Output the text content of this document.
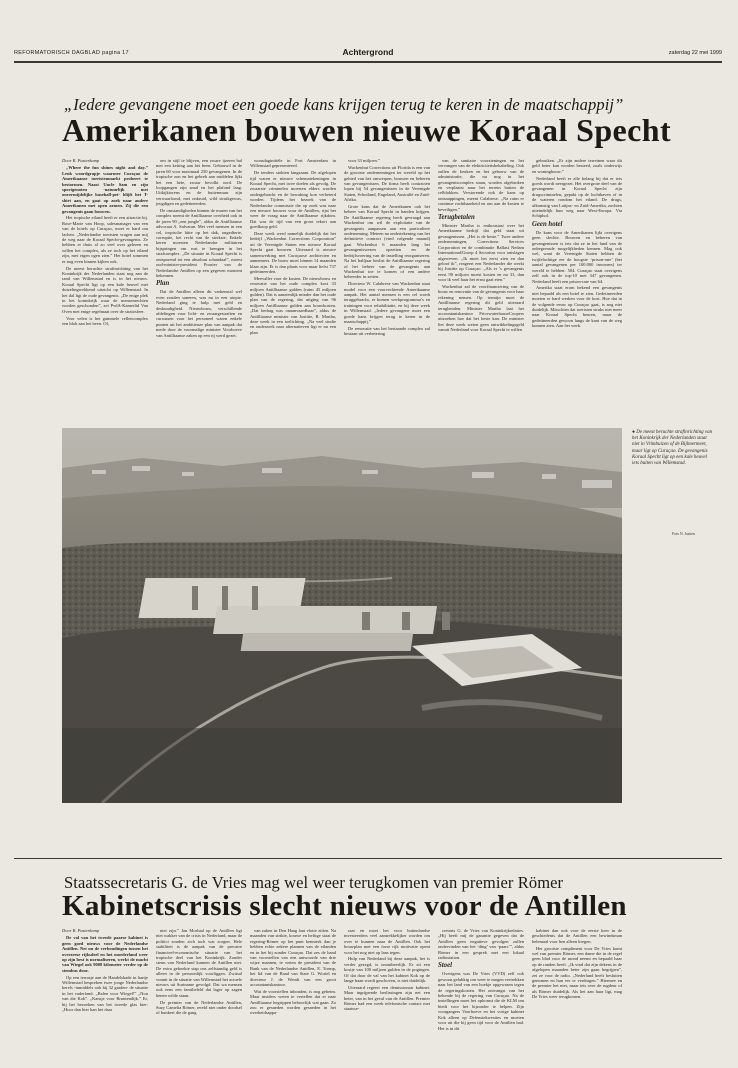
REFORMATORISCH DAGBLAD pagina 17	Achtergrond	zaterdag 22 mei 1999
„Iedere gevangene moet een goede kans krijgen terug te keren in de maatschappij”
Amerikanen bouwen nieuwe Koraal Specht

Door R. Pasterkamp

„Where the fun shines night and day.” Leuk woordgrapje waarmee Curaçao de Amerikaanse toeristenmarkt probeert te bestormen. Naast Uncle Sam en zijn sportgenoten -natuurlijk met onvermijdelijke baseball-pet- blijft het T-shirt aan, en gaat op zoek naar andere Amerikanen met open armen. Zij die een gevangenis gaan bouwen.

Het tropische eiland heeft er een attractie bij. Rose-Marie van Hoop, salesmanager van een van de hotels op Curaçao, moet er hard om lachen. „Nederlandse toeristen vragen aan mij de weg naar de Koraal Specht-gevangenis. Ze hebben er thuis al zo veel over gelezen en willen het complex, als ze toch op het eiland zijn, met eigen ogen zien.” Het hotel sommen er nog even binnen kijken ook.

De meest beruchte strafinrichting van het Koninkrijk der Nederlanden staat nog aan de rand van Willemstad en is in het nieuws. Koraal Specht ligt op een kale heuvel met duizelingwekkend uitzicht op Willemstad. In het dal ligt de oude gevangenis. „De enige plek in het koninkrijk waar de mensenrechten worden geschonden”, zei PvdA-Kamerlid Van Oven met enige regelmaat over de stratosfeer.

Voor velen is het gammele cellencomplex een blok aan het been. Of,

om in stijl te blijven, een zware ijzeren bal met een ketting aan het been. Gebouwd in de jaren 60 voor maximaal 250 gevangenen. In de tropische zon en het gebrek aan middelen lijkt het een hete, zwaar bevolkt oord. De loopgangen zijn smal en het plafond laag. Uitkijktorens en de buitenmuur zijn verwaarloosd, met onkruid, wild struikgewas, jeugdigen en gedetineerden.

De omstandigheden binnen de muren van het complex noemt de Antilliaanse overheid ook in de jaren 90 „een jungle”, aldus de Antilliaanse advocaat A. Sulvaran. Met veel mensen in een cel, tropische hitte op het dak, ongedierte, corruptie, het recht van de sterkste. Enkele keren moesten Nederlandse militairen bijspringen om rust te brengen in het strafcomplex. „De situatie in Koraal Specht is ontsporend tot een absoluut schandaal”, moest oud-minister-president Pourier van de Nederlandse Antillen op een gegeven moment bekennen.

Plan

Dat de Antillen alleen dit varkenstal wel even zouden saneren, was nu in een utopie. Nederland ging te hulp met geld en deskundigheid. Nieuwbouw, verschillende afdelingen voor licht- en zwaargestraften en cursussen voor het personeel waren enkele punten uit het ambitieuze plan van aanpak dat mede door de voormalige minister Voorhoeve van Antilliaanse zaken op een rij werd gezet.

wonsdaginitiële in Fort Amsterdam in Willemstad gepresenteerd.

De tenders stokten langzaam. De afgelopen tijd waren er nieuwe schematekeningen in Koraal Specht, met twee doelen als gevolg. De zwaarste criminelen moesten elders worden ondergebracht en de bewaking kon verbeterd worden. Tijdens het bezoek van de Nederlandse commissie die op zoek was naar een nieuwe bouwer voor de Antillen, rijst het weer de vraag naar de Antilliaanse rijkdom. Dat was de tijd van een groot tekort aan goedkoop geld.

Deze week werd namelijk duidelijk dat het bedrijf „Wackenhut Corrections Corporation” uit de Verenigde Staten een nieuwe Koraal Specht gaat bouwen. Uiteraard is nieuwe samenwerking met Curaçaose architecten en aannemers. De bouw moet binnen 14 maanden klaar zijn. Er is dan plaats voor maar liefst 737 gedetineerden.

Meevaller voor de kosten. De nieuwbouw en renovatie van het oude complex kost 33 miljoen Antilliaanse gulden (ruim 45 miljoen gulden). Dat is aanzienlijk minder dan het oude plan van de regering, dat uitging van 96 miljoen Antilliaanse gulden aan bouwkosten. „Dat bedrag was onaanvaardbaar”, aldus de Antilliaanse minister van Justitie, R. Martha, deze week in een toelichting. „Na veel studie en onderzoek naar alternatieven ligt er nu een plan

voor 33 miljoen.”

Wackenhut Corrections uit Florida is een van de grootste ondernemingen ter wereld op het gebied van het ontwerpen, bouwen en beheren van gevangenissen. De firma heeft contracten lopen bij 54 gevangenissen in de Verenigde Staten, Schotland, Engeland, Australië en Zuid-Afrika.

Grote kans dat de Amerikanen ook het beheer van Koraal Specht in handen krijgen. De Antilliaanse regering heeft gevraagd aan Wackenhut om wil de exploitatie van de gevangenis aanpassen aan een particuliere onderneming. Meteen na ondertekening van het definitieve contract (vind volgende maand) gaat Wackenhut 6 maanden lang het gevangeniswezen opzetten en de bedrijfsvoering van de instelling reorganiseren. Na het halfjaar beslist de Antilliaanse regering of het heheer van de gevangenis aan Wackenhut toe te komen of een andere beheerder in zetten.

Directeur W. Calabrese van Wackenhut staat model voor een voorvechtende Amerikaanse aanpak. Het aantal mensen is een cel wordt teruggebracht, er komen werkprogramma’s en trainingen voor rehabilitatie, en bij deze week in Willemstad. „Iedere gevangene moet een goede kans krijgen terug te keren in de maatschappij.”

De renovatie van het bestaande complex zal bestaan uit verbetering

van de sanitaire voorzieningen en het vervangen van de elektriciteitsbekabeling. Ook zullen de keuken en het gebouw van de administratie, die nu nog in het gevangeniscomplex staan, worden afgebroken en verplaatst naar het terrein buiten de celblokken. Verstorende ook de kans op ontsnappingen, meent Calabrese. „Na ruim er continue ruchtbaarheid en om aan de kosten te beveiligen.”

Terugbetalen

Minister Martha is enthousiast over het Amerikaanse bedrijf dat geld staat uit gevangenissen. „Het is de beste.” Twee andere ondernemingen, Corrections Services Corporation en de combinatie Ballast Nedam International/Groep 4 Securitas voor ontslagen afgeweven. „Ik moet het eerst zien en dan geloof ik”, reageert een Nederlander die werkt bij Justitie op Curaçao. „Als er ’s gevangenis eerst 90 miljoen moest kosten en nu 33, dan voor ik veel haar het ernst gaat eten.”

Wackenhut zal de voorfinanciering van de bouw en renovatie van de gevangenis voor haar rekening nemen. Op termijn moet de Antilliaanse regering dit geld uiteraard terugbetalen. Minister Martha laat het accountantskantoor PricewaterhouseCoopers uitzoeken hoe dat het beste kan. De minister liet deze week weten geen ontwikkelingsgeld vanuit Nederland voor Koraal Specht te willen

gebruiken. „Er zijn andere terreinen waar dit geld beter kan worden besteed, zoals onderwijs en woningbouw.”

Nederland heeft er alle belang bij dat er iets goeds wordt neergezet. Het overgrote deel van de gevangenen in Koraal Specht zijn drugscriminelen, gepakt op de luchthaven of in de wateren rondom het eiland. De drugs, afkomstig van Latijns- en Zuid-Amerika, zochten uiteindelijk hun weg naar West-Europa. Via Schiphol.

Geen hotel

De kans voor de Amerikanen lijkt overigens geen slechte. Bouwen en beheren van gevangenissen is iets dat ze in het land van de onbegrensde mogelijkheden kennen. Mag ook wel, want de Verenigde Staten hebben de twijfelachtige eer de hoogste ‘prison-rate’ (het aantal gevangenen per 100.000 inwoners) ter wereld te hebben: 504. Curaçao staat overigens zelf ook in de top-10 met 347 gevangenen. Nederland heeft een prison-rate van 64.

Amerika staat erom bekend een gevangenis niet bepaald als een hotel te zien. Gedetineerden moeten er hard werken voor de kost. Hoe dat in de volgende eeuw op Curaçao gaat, is nog niet duidelijk. Misschien dat toeristen straks niet meer naar Koraal Specht beuren, maar de gedetineerden gewoon langs de kant van de weg kunnen zien. Aan het werk.

● De meest beruchte strafinrichting van het Koninkrijk der Nederlanden staat niet in Vrimbuizen of de Bijlmermeer, maar ligt op Curaçao. De gevangenis Koraal Specht ligt op een kale heuvel iets buiten van Willemstad.
Foto N. Jastien
Staatssecretaris G. de Vries mag wel weer terugkomen van premier Römer
Kabinetscrisis slecht nieuws voor de Antillen

Door R. Pasterkamp

De val van het tweede paarse kabinet is geen goed nieuws voor de Nederlandse Antillen. Net nu de verhoudingen tussen het overzeese rijksdeel en het moederland weer op zijn best is normaliseren, werkt de macht van Wiegel ook 9000 kilometer verder op de stembus door.

Op een terrasje aan de Handelskade in hartje Willemstad bespreken twee jonge Nederlandse kerels -inmiddels ook bij 32 graden- de situatie in het vaderland. „Balen voor Wiegel!” „Nou van die Kok”. „Kansje voor Bruntendijk.” Er, bij het bezoeken van het tweede glas bier: „Hoor dan hier kan het daar

niet zijn.” Jan Mosbad op de Antillen ligt niet wakker van de crisis in Nederland, maar de politici zouden zich toch wat zorgen. Hele stabiliteit is de aanpak van de precaire financieel-economische situatie van het tropische deel van het Koninkrijk. Zonder steun van Nederland kunnen de Antillen niet. De extra geboekte stap ons zelfstandig geld is alleen in de persoonlijk voorliggen. Zwitsal vonnit in de situatie van Willemstad het actuele nieuws uit Suriname gevolgd. Dat wa mensen ook eens een familieleld dat lager op zagen benen wilde staan.

De premier van de Nederlandse Antillen, Suzy Camelia Römer, rereld niet onder doodsel of bunkert die de gang

van zaken in Den Haag laat vlotte zitten. Na maanden van strikte, kouwe en heftige staat de regering-Römer op het punt kenmerk dan je hebben echte zekere plannen van de eilanden en in het bij zonder Curaçao. Dat zes de hand van voorstellen van een antwoorde van drie wijze mannen, te weten de president van de Bank van de Nederlandse Antillen, E. Tromp, het lid van de Raad van State G. Wortel en directeur J. de Wendt van een groot accountantskantoor.

Wat de voorstellen inhouden, is nog geheim. Maar insiders weten te vertellen dat er naar Antilliaanse begrippen behoorlijk wat gaan. Zo zou er gesneden worden gesneden in het overheidsappa-

raat en moet het voor buitenlandse investeerders veel aantrekkelijker worden om over te kunnen naar de Antillen. Ook het bouwplan met een forse rijk motivatie opent voor het nog niet op lans tegen.

Hulp van Nederland bij deze aanpak, het is verder gezegd, is onontbeerlijk. Er zit een kostje van 100 miljoen gulden in de pogingen. Of dat door de val van het kabinet Kok op de lange baan wordt geschoven, is niet duidelijk.

Uiteraard regeert een demissionair kabinet. Maar ingrijpende beslissingen zijn net een beter, van in het geval van de Antillen. Premier Römer had een week telefonische contact met staatsse-

cretaris G. de Vries van Koninkrijkrelaties. „Hij heeft mij de garantie gegeven dat de Antillen geen negatieve gevolgen zullen ondervinden van het ‘ding’ van ‘paars’”, aldus Römer in een gesprek met een lokaal radiostation.

Stoel

Overigens was De Vries (VVD) zelf ook gewoon gelukkig om weer te mogen vertrekken naar het land van een hoekje opgewasen tegen de regeringskosten. Het ontvangst van het bekende bij de regering van Curaçao. Na de instellingen moet het opkomst die de KLM om biedt voor het bijzonder te helpen. Zijn voorgangers Voorhoeve en het vorige kabinet Kok alleen op Defensiekwesties en moeten voor uit die hij geen tijd voor de Antillen had. Het is in dit

kabinet dan ook voor de eerste keer in de geschiedenis dat de Antillen een bewindsman helemaal voor hen alleen kregen.

Het grootste compliment voor De Vries komt wel van premier Römer, een dame die in de regel geen blad voor de mond neemt en bepaald haar op de randen heeft. „Ik vind dat zijn dekens in de afgelopen maanden beter zijn gaan begrijpen”, zei ze voor de radio. „Nederland heeft besluiten genomen en hun eer te verdragen.” Hiermee en de premier het niet, maar iets over de rugdeur of als Römer duidelijk. Als het aan haar ligt, mag De Vries weer terugkomen.
